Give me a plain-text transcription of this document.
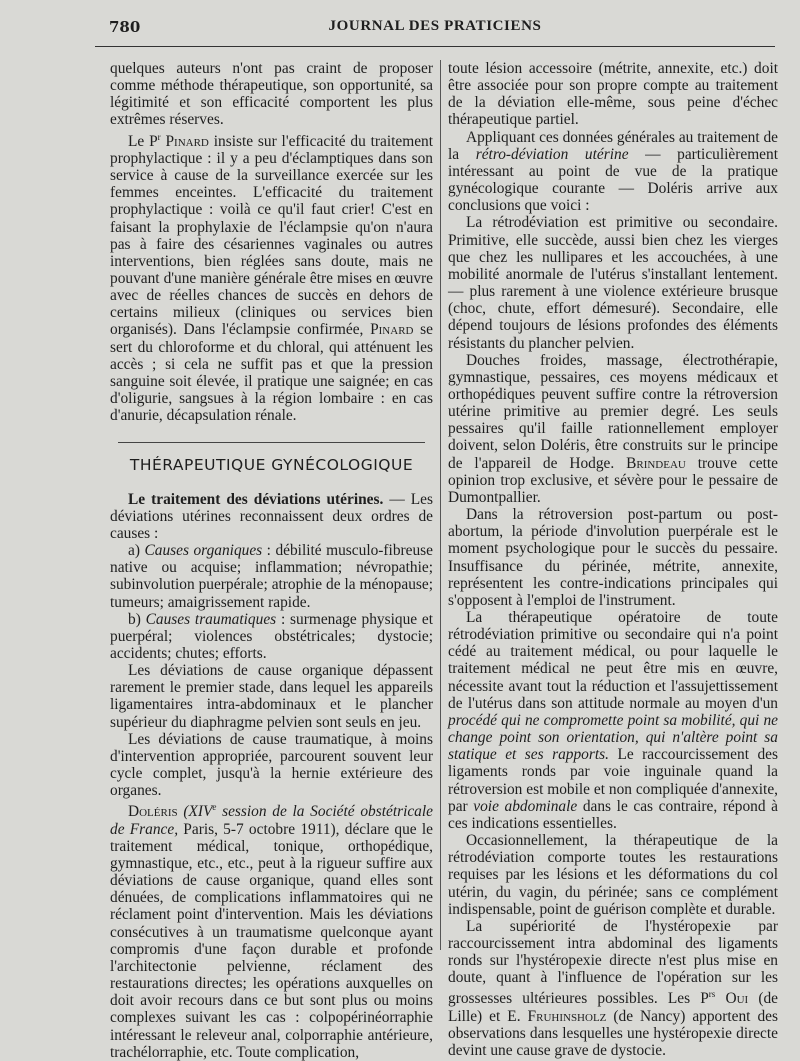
780	JOURNAL DES PRATICIENS

quelques auteurs n'ont pas craint de proposer comme méthode thérapeutique, son opportunité, sa légitimité et son efficacité comportent les plus extrêmes réserves.

Le $P^r$ Pinard insiste sur l'efficacité du traitement prophylactique : il y a peu d'éclamptiques dans son service à cause de la surveillance exercée sur les femmes enceintes. L'efficacité du traitement prophylactique : voilà ce qu'il faut crier! C'est en faisant la prophylaxie de l'éclampsie qu'on n'aura pas à faire des césariennes vaginales ou autres interventions, bien réglées sans doute, mais ne pouvant d'une manière générale être mises en œuvre avec de réelles chances de succès en dehors de certains milieux (cliniques ou services bien organisés). Dans l'éclampsie confirmée, Pinard se sert du chloroforme et du chloral, qui atténuent les accès ; si cela ne suffit pas et que la pression sanguine soit élevée, il pratique une saignée; en cas d'oligurie, sangsues à la région lombaire : en cas d'anurie, décapsulation rénale.

THÉRAPEUTIQUE GYNÉCOLOGIQUE

Le traitement des déviations utérines. — Les déviations utérines reconnaissent deux ordres de causes :

a) Causes organiques : débilité musculo-fibreuse native ou acquise; inflammation; névropathie; subinvolution puerpérale; atrophie de la ménopause; tumeurs; amaigrissement rapide.

b) Causes traumatiques : surmenage physique et puerpéral; violences obstétricales; dystocie; accidents; chutes; efforts.

Les déviations de cause organique dépassent rarement le premier stade, dans lequel les appareils ligamentaires intra-abdominaux et le plancher supérieur du diaphragme pelvien sont seuls en jeu.

Les déviations de cause traumatique, à moins d'intervention appropriée, parcourent souvent leur cycle complet, jusqu'à la hernie extérieure des organes.

Doléris (XIVe session de la Société obstétricale de France, Paris, 5-7 octobre 1911), déclare que le traitement médical, tonique, orthopédique, gymnastique, etc., etc., peut à la rigueur suffire aux déviations de cause organique, quand elles sont dénuées, de complications inflammatoires qui ne réclament point d'intervention. Mais les déviations consécutives à un traumatisme quelconque ayant compromis d'une façon durable et profonde l'architectonie pelvienne, réclament des restaurations directes; les opérations auxquelles on doit avoir recours dans ce but sont plus ou moins complexes suivant les cas : colpopérinéorraphie intéressant le releveur anal, colporraphie antérieure, trachélorraphie, etc. Toute complication,

toute lésion accessoire (métrite, annexite, etc.) doit être associée pour son propre compte au traitement de la déviation elle-même, sous peine d'échec thérapeutique partiel.

Appliquant ces données générales au traitement de la rétro-déviation utérine — particulièrement intéressant au point de vue de la pratique gynécologique courante — Doléris arrive aux conclusions que voici :

La rétrodéviation est primitive ou secondaire. Primitive, elle succède, aussi bien chez les vierges que chez les nullipares et les accouchées, à une mobilité anormale de l'utérus s'installant lentement. — plus rarement à une violence extérieure brusque (choc, chute, effort démesuré). Secondaire, elle dépend toujours de lésions profondes des éléments résistants du plancher pelvien.

Douches froides, massage, électrothérapie, gymnastique, pessaires, ces moyens médicaux et orthopédiques peuvent suffire contre la rétroversion utérine primitive au premier degré. Les seuls pessaires qu'il faille rationnellement employer doivent, selon Doléris, être construits sur le principe de l'appareil de Hodge. Brindeau trouve cette opinion trop exclusive, et sévère pour le pessaire de Dumontpallier.

Dans la rétroversion post-partum ou post-abortum, la période d'involution puerpérale est le moment psychologique pour le succès du pessaire. Insuffisance du périnée, métrite, annexite, représentent les contre-indications principales qui s'opposent à l'emploi de l'instrument.

La thérapeutique opératoire de toute rétrodéviation primitive ou secondaire qui n'a point cédé au traitement médical, ou pour laquelle le traitement médical ne peut être mis en œuvre, nécessite avant tout la réduction et l'assujettissement de l'utérus dans son attitude normale au moyen d'un procédé qui ne compromette point sa mobilité, qui ne change point son orientation, qui n'altère point sa statique et ses rapports. Le raccourcissement des ligaments ronds par voie inguinale quand la rétroversion est mobile et non compliquée d'annexite, par voie abdominale dans le cas contraire, répond à ces indications essentielles.

Occasionnellement, la thérapeutique de la rétrodéviation comporte toutes les restaurations requises par les lésions et les déformations du col utérin, du vagin, du périnée; sans ce complément indispensable, point de guérison complète et durable.

La supériorité de l'hystéropexie par raccourcissement intra abdominal des ligaments ronds sur l'hystéropexie directe n'est plus mise en doute, quant à l'influence de l'opération sur les grossesses ultérieures possibles. Les $P^{rs}$ Oui (de Lille) et E. Fruhinsholz (de Nancy) apportent des observations dans lesquelles une hystéropexie directe devint une cause grave de dystocie.
